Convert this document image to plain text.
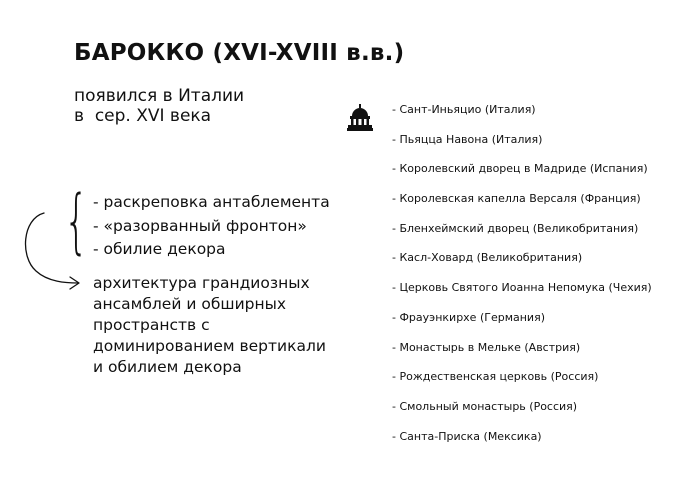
БАРОККО (XVI-XVIII в.в.)
появился в Италии
в  сер. XVI века
{ - раскреповка антаблемента
- «разорванный фронтон»
- обилие декора
архитектура грандиозных
ансамблей и обширных
пространств с
доминированием вертикали
и обилием декора
- Сант-Иньяцио (Италия)
- Пьяцца Навона (Италия)
- Королевский дворец в Мадриде (Испания)
- Королевская капелла Версаля (Франция)
- Бленхеймский дворец (Великобритания)
- Касл-Ховард (Великобритания)
- Церковь Святого Иоанна Непомука (Чехия)
- Фрауэнкирхе (Германия)
- Монастырь в Мельке (Австрия)
- Рождественская церковь (Россия)
- Смольный монастырь (Россия)
- Санта-Приска (Мексика)
